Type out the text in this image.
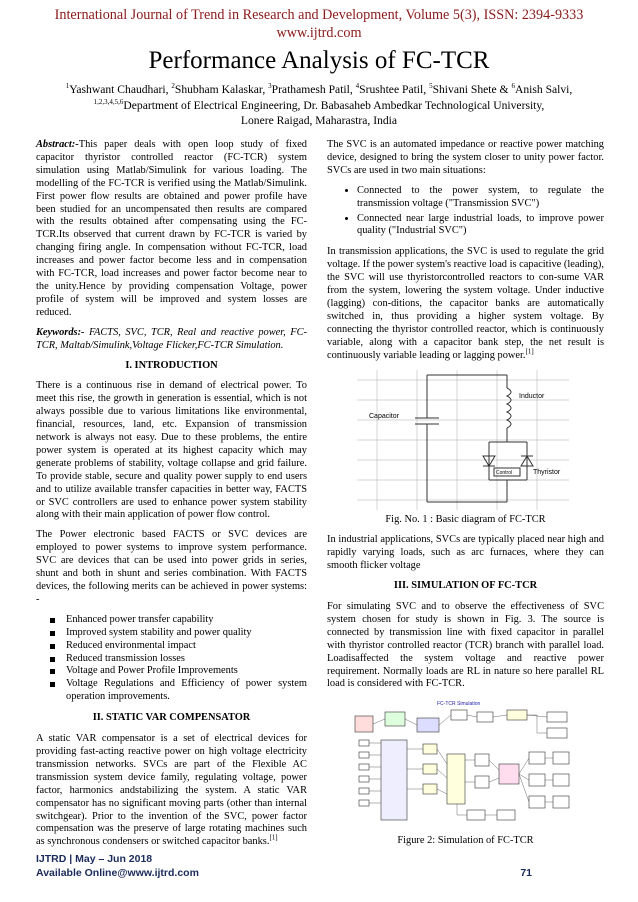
International Journal of Trend in Research and Development, Volume 5(3), ISSN: 2394-9333
www.ijtrd.com
Performance Analysis of FC-TCR
$^1$Yashwant Chaudhari, $^2$Shubham Kalaskar, $^3$Prathamesh Patil, $^4$Srushtee Patil, $^5$Shivani Shete & $^6$Anish Salvi,
$^{1,2,3,4,5,6}$Department of Electrical Engineering, Dr. Babasaheb Ambedkar Technological University,
Lonere Raigad, Maharastra, India

Abstract:-This paper deals with open loop study of fixed capacitor thyristor controlled reactor (FC-TCR) system simulation using Matlab/Simulink for various loading. The modelling of the FC-TCR is verified using the Matlab/Simulink. First power flow results are obtained and power profile have been studied for an uncompensated then results are compared with the results obtained after compensating using the FC-TCR.Its observed that current drawn by FC-TCR is varied by changing firing angle. In compensation without FC-TCR, load increases and power factor become less and in compensation with FC-TCR, load increases and power factor become near to the unity.Hence by providing compensation Voltage, power profile of system will be improved and system losses are reduced.

Keywords:- FACTS, SVC, TCR, Real and reactive power, FC-TCR, Maltab/Simulink,Voltage Flicker,FC-TCR Simulation.

I. INTRODUCTION

There is a continuous rise in demand of electrical power. To meet this rise, the growth in generation is essential, which is not always possible due to various limitations like environmental, financial, resources, land, etc. Expansion of transmission network is always not easy. Due to these problems, the entire power system is operated at its highest capacity which may generate problems of stability, voltage collapse and grid failure. To provide stable, secure and quality power supply to end users and to utilize available transfer capacities in better way, FACTS or SVC controllers are used to enhance power system stability along with their main application of power flow control.

The Power electronic based FACTS or SVC devices are employed to power systems to improve system performance. SVC are devices that can be used into power grids in series, shunt and both in shunt and series combination. With FACTS devices, the following merits can be achieved in power systems: -

Enhanced power transfer capability
Improved system stability and power quality
Reduced environmental impact
Reduced transmission losses
Voltage and Power Profile Improvements
Voltage Regulations and Efficiency of power system operation improvements.
II. STATIC VAR COMPENSATOR

A static VAR compensator is a set of electrical devices for providing fast-acting reactive power on high voltage electricity transmission networks. SVCs are part of the Flexible AC transmission system device family, regulating voltage, power factor, harmonics andstabilizing the system. A static VAR compensator has no significant moving parts (other than internal switchgear). Prior to the invention of the SVC, power factor compensation was the preserve of large rotating machines such as synchronous condensers or switched capacitor banks.[1]

The SVC is an automated impedance or reactive power matching device, designed to bring the system closer to unity power factor. SVCs are used in two main situations:

• Connected to the power system, to regulate the transmission voltage ("Transmission SVC")
• Connected near large industrial loads, to improve power quality ("Industrial SVC")

In transmission applications, the SVC is used to regulate the grid voltage. If the power system's reactive load is capacitive (leading), the SVC will use thyristorcontrolled reactors to con-sume VAR from the system, lowering the system voltage. Under inductive (lagging) con-ditions, the capacitor banks are automatically switched in, thus providing a higher system voltage. By connecting the thyristor controlled reactor, which is continuously variable, along with a capacitor bank step, the net result is continuously variable leading or lagging power.[1]

Inductor
Capacitor
Control	Thyristor
Fig. No. 1 : Basic diagram of FC-TCR

In industrial applications, SVCs are typically placed near high and rapidly varying loads, such as arc furnaces, where they can smooth flicker voltage

III. SIMULATION OF FC-TCR

For simulating SVC and to observe the effectiveness of SVC system chosen for study is shown in Fig. 3. The source is connected by transmission line with fixed capacitor in parallel with thyristor controlled reactor (TCR) branch with parallel load. Loadisaffected the system voltage and reactive power requirement. Normally loads are RL in nature so here parallel RL load is considered with FC-TCR.

FC-TCR Simulation
Figure 2: Simulation of FC-TCR
IJTRD | May – Jun 2018
Available Online@www.ijtrd.com	71
